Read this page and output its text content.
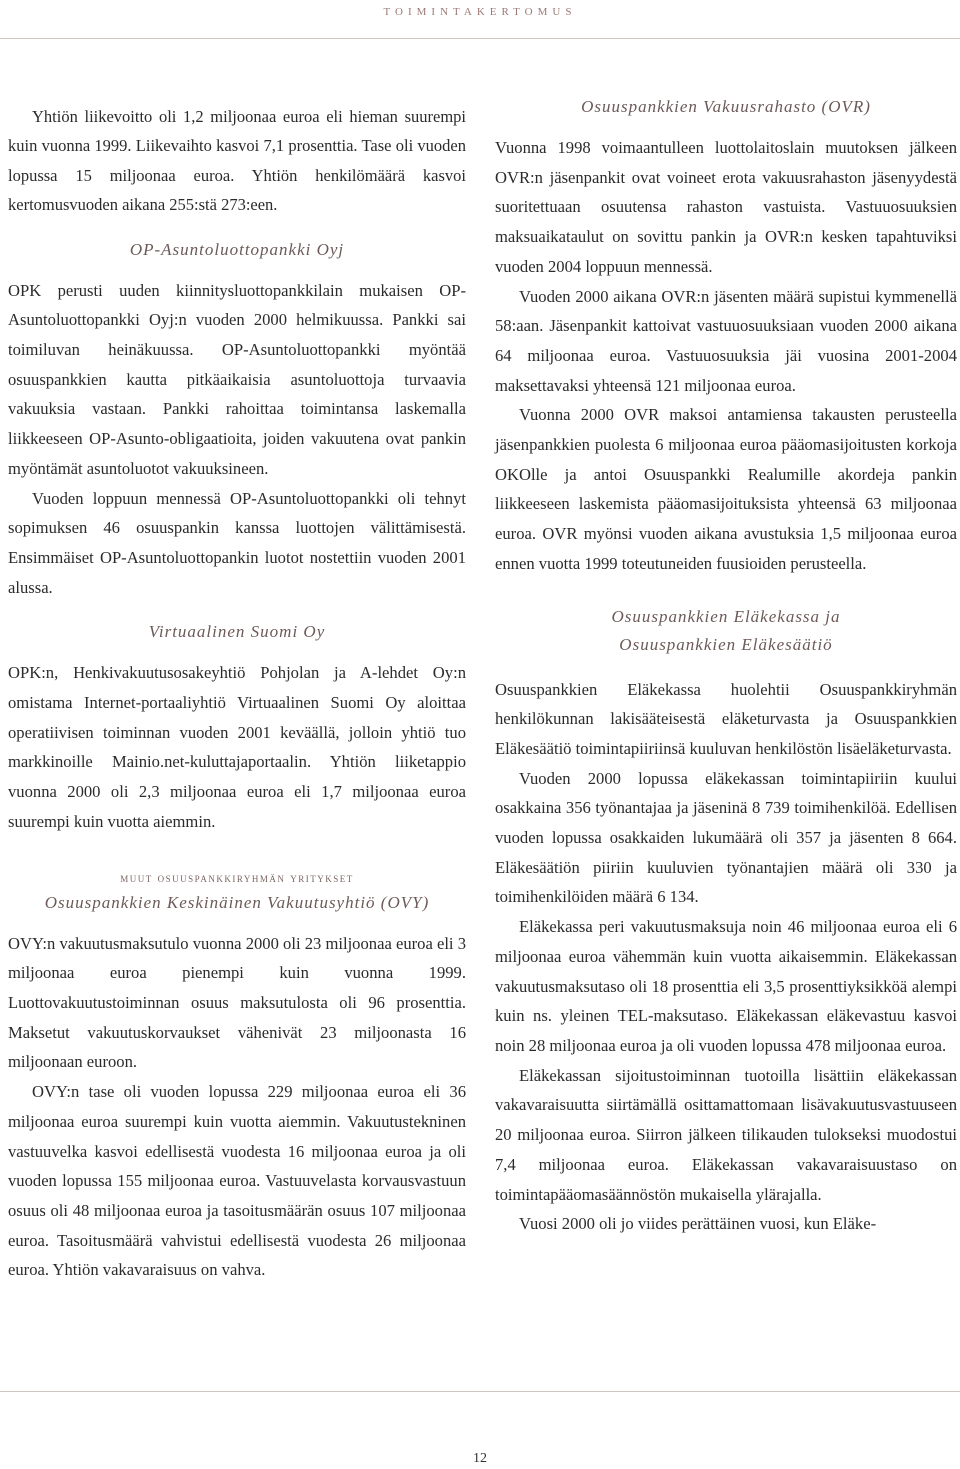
TOIMINTAKERTOMUS

Yhtiön liikevoitto oli 1,2 miljoonaa euroa eli hieman suurempi kuin vuonna 1999. Liikevaihto kasvoi 7,1 prosenttia. Tase oli vuoden lopussa 15 miljoonaa euroa. Yhtiön henkilömäärä kasvoi kertomusvuoden aikana 255:stä 273:een.

OP-Asuntoluottopankki Oyj

OPK perusti uuden kiinnitysluottopankkilain mukaisen OP-Asuntoluottopankki Oyj:n vuoden 2000 helmikuussa. Pankki sai toimiluvan heinäkuussa. OP-Asuntoluottopankki myöntää osuuspankkien kautta pitkäaikaisia asuntoluottoja turvaavia vakuuksia vastaan. Pankki rahoittaa toimintansa laskemalla liikkeeseen OP-Asunto-obligaatioita, joiden vakuutena ovat pankin myöntämät asuntoluotot vakuuksineen.

Vuoden loppuun mennessä OP-Asuntoluottopankki oli tehnyt sopimuksen 46 osuuspankin kanssa luottojen välittämisestä. Ensimmäiset OP-Asuntoluottopankin luotot nostettiin vuoden 2001 alussa.

Virtuaalinen Suomi Oy

OPK:n, Henkivakuutusosakeyhtiö Pohjolan ja A-lehdet Oy:n omistama Internet-portaaliyhtiö Virtuaalinen Suomi Oy aloittaa operatiivisen toiminnan vuoden 2001 keväällä, jolloin yhtiö tuo markkinoille Mainio.net-kuluttajaportaalin. Yhtiön liiketappio vuonna 2000 oli 2,3 miljoonaa euroa eli 1,7 miljoonaa euroa suurempi kuin vuotta aiemmin.

muut osuuspankkiryhmän yritykset
Osuuspankkien Keskinäinen Vakuutusyhtiö (OVY)

OVY:n vakuutusmaksutulo vuonna 2000 oli 23 miljoonaa euroa eli 3 miljoonaa euroa pienempi kuin vuonna 1999. Luottovakuutustoiminnan osuus maksutulosta oli 96 prosenttia. Maksetut vakuutuskorvaukset vähenivät 23 miljoonasta 16 miljoonaan euroon.

OVY:n tase oli vuoden lopussa 229 miljoonaa euroa eli 36 miljoonaa euroa suurempi kuin vuotta aiemmin. Vakuutustekninen vastuuvelka kasvoi edellisestä vuodesta 16 miljoonaa euroa ja oli vuoden lopussa 155 miljoonaa euroa. Vastuuvelasta korvausvastuun osuus oli 48 miljoonaa euroa ja tasoitusmäärän osuus 107 miljoonaa euroa. Tasoitusmäärä vahvistui edellisestä vuodesta 26 miljoonaa euroa. Yhtiön vakavaraisuus on vahva.

Osuuspankkien Vakuusrahasto (OVR)

Vuonna 1998 voimaantulleen luottolaitoslain muutoksen jälkeen OVR:n jäsenpankit ovat voineet erota vakuusrahaston jäsenyydestä suoritettuaan osuutensa rahaston vastuista. Vastuuosuuksien maksuaikataulut on sovittu pankin ja OVR:n kesken tapahtuviksi vuoden 2004 loppuun mennessä.

Vuoden 2000 aikana OVR:n jäsenten määrä supistui kymmenellä 58:aan. Jäsenpankit kattoivat vastuuosuuksiaan vuoden 2000 aikana 64 miljoonaa euroa. Vastuuosuuksia jäi vuosina 2001-2004 maksettavaksi yhteensä 121 miljoonaa euroa.

Vuonna 2000 OVR maksoi antamiensa takausten perusteella jäsenpankkien puolesta 6 miljoonaa euroa pääomasijoitusten korkoja OKOlle ja antoi Osuuspankki Realumille akordeja pankin liikkeeseen laskemista pääomasijoituksista yhteensä 63 miljoonaa euroa. OVR myönsi vuoden aikana avustuksia 1,5 miljoonaa euroa ennen vuotta 1999 toteutuneiden fuusioiden perusteella.

Osuuspankkien Eläkekassa ja
Osuuspankkien Eläkesäätiö

Osuuspankkien Eläkekassa huolehtii Osuuspankkiryhmän henkilökunnan lakisääteisestä eläketurvasta ja Osuuspankkien Eläkesäätiö toimintapiiriinsä kuuluvan henkilöstön lisäeläketurvasta.

Vuoden 2000 lopussa eläkekassan toimintapiiriin kuului osakkaina 356 työnantajaa ja jäseninä 8 739 toimihenkilöä. Edellisen vuoden lopussa osakkaiden lukumäärä oli 357 ja jäsenten 8 664. Eläkesäätiön piiriin kuuluvien työnantajien määrä oli 330 ja toimihenkilöiden määrä 6 134.

Eläkekassa peri vakuutusmaksuja noin 46 miljoonaa euroa eli 6 miljoonaa euroa vähemmän kuin vuotta aikaisemmin. Eläkekassan vakuutusmaksutaso oli 18 prosenttia eli 3,5 prosenttiyksikköä alempi kuin ns. yleinen TEL-maksutaso. Eläkekassan eläkevastuu kasvoi noin 28 miljoonaa euroa ja oli vuoden lopussa 478 miljoonaa euroa.

Eläkekassan sijoitustoiminnan tuotoilla lisättiin eläkekassan vakavaraisuutta siirtämällä osittamattomaan lisävakuutusvastuuseen 20 miljoonaa euroa. Siirron jälkeen tilikauden tulokseksi muodostui 7,4 miljoonaa euroa. Eläkekassan vakavaraisuustaso on toimintapääomasäännöstön mukaisella ylärajalla.

Vuosi 2000 oli jo viides perättäinen vuosi, kun Eläke-

12
